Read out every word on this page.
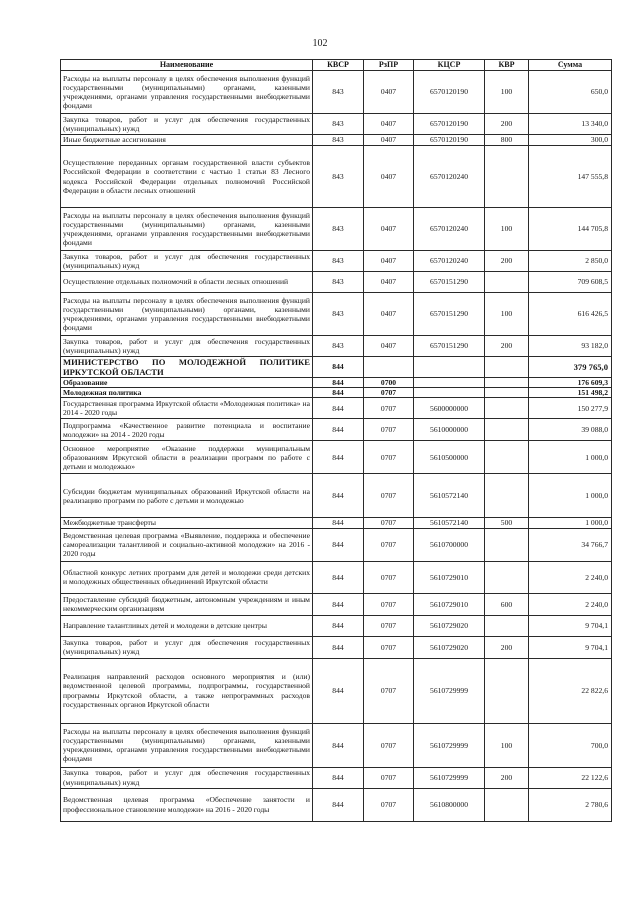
102
Наименование	КВСР	РзПР	КЦСР	КВР	Сумма
Расходы на выплаты персоналу в целях обеспечения выполнения функций государственными (муниципальными) органами, казенными учреждениями, органами управления государственными внебюджетными фондами	843	0407	6570120190	100	650,0
Закупка товаров, работ и услуг для обеспечения государственных (муниципальных) нужд	843	0407	6570120190	200	13 340,0
Иные бюджетные ассигнования	843	0407	6570120190	800	300,0
Осуществление переданных органам государственной власти субъектов Российской Федерации в соответствии с частью 1 статьи 83 Лесного кодекса Российской Федерации отдельных полномочий Российской Федерации в области лесных отношений	843	0407	6570120240		147 555,8
Расходы на выплаты персоналу в целях обеспечения выполнения функций государственными (муниципальными) органами, казенными учреждениями, органами управления государственными внебюджетными фондами	843	0407	6570120240	100	144 705,8
Закупка товаров, работ и услуг для обеспечения государственных (муниципальных) нужд	843	0407	6570120240	200	2 850,0
Осуществление отдельных полномочий в области лесных отношений	843	0407	6570151290		709 608,5
Расходы на выплаты персоналу в целях обеспечения выполнения функций государственными (муниципальными) органами, казенными учреждениями, органами управления государственными внебюджетными фондами	843	0407	6570151290	100	616 426,5
Закупка товаров, работ и услуг для обеспечения государственных (муниципальных) нужд	843	0407	6570151290	200	93 182,0
МИНИСТЕРСТВО ПО МОЛОДЕЖНОЙ ПОЛИТИКЕ ИРКУТСКОЙ ОБЛАСТИ	844				379 765,0
Образование	844	0700			176 609,3
Молодежная политика	844	0707			151 498,2
Государственная программа Иркутской области «Молодежная политика» на 2014 - 2020 годы	844	0707	5600000000		150 277,9
Подпрограмма «Качественное развитие потенциала и воспитание молодежи» на 2014 - 2020 годы	844	0707	5610000000		39 088,0
Основное мероприятие «Оказание поддержки муниципальным образованиям Иркутской области в реализации программ по работе с детьми и молодежью»	844	0707	5610500000		1 000,0
Субсидии бюджетам муниципальных образований Иркутской области на реализацию программ по работе с детьми и молодежью	844	0707	5610572140		1 000,0
Межбюджетные трансферты	844	0707	5610572140	500	1 000,0
Ведомственная целевая программа «Выявление, поддержка и обеспечение самореализации талантливой и социально-активной молодежи» на 2016 - 2020 годы	844	0707	5610700000		34 766,7
Областной конкурс летних программ для детей и молодежи среди детских и молодежных общественных объединений Иркутской области	844	0707	5610729010		2 240,0
Предоставление субсидий бюджетным, автономным учреждениям и иным некоммерческим организациям	844	0707	5610729010	600	2 240,0
Направление талантливых детей и молодежи в детские центры	844	0707	5610729020		9 704,1
Закупка товаров, работ и услуг для обеспечения государственных (муниципальных) нужд	844	0707	5610729020	200	9 704,1
Реализация направлений расходов основного мероприятия и (или) ведомственной целевой программы, подпрограммы, государственной программы Иркутской области, а также непрограммных расходов государственных органов Иркутской области	844	0707	5610729999		22 822,6
Расходы на выплаты персоналу в целях обеспечения выполнения функций государственными (муниципальными) органами, казенными учреждениями, органами управления государственными внебюджетными фондами	844	0707	5610729999	100	700,0
Закупка товаров, работ и услуг для обеспечения государственных (муниципальных) нужд	844	0707	5610729999	200	22 122,6
Ведомственная целевая программа «Обеспечение занятости и профессиональное становление молодежи» на 2016 - 2020 годы	844	0707	5610800000		2 780,6
